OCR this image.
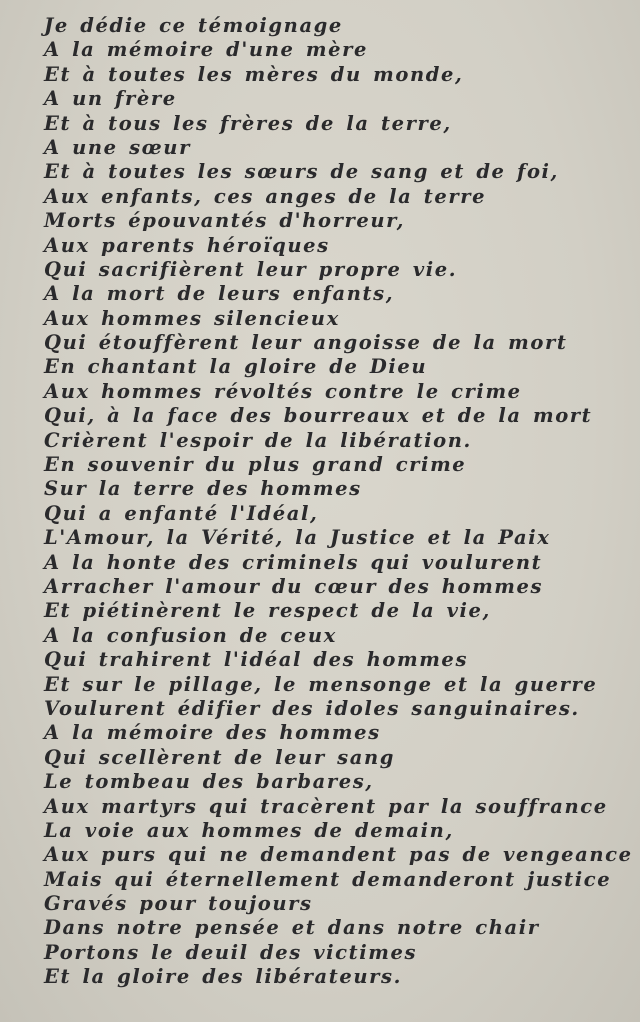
Je dédie ce témoignage
A la mémoire d'une mère
Et à toutes les mères du monde,
A un frère
Et à tous les frères de la terre,
A une sœur
Et à toutes les sœurs de sang et de foi,
Aux enfants, ces anges de la terre
Morts épouvantés d'horreur,
Aux parents héroïques
Qui sacrifièrent leur propre vie.
A la mort de leurs enfants,
Aux hommes silencieux
Qui étouffèrent leur angoisse de la mort
En chantant la gloire de Dieu
Aux hommes révoltés contre le crime
Qui, à la face des bourreaux et de la mort
Crièrent l'espoir de la libération.
En souvenir du plus grand crime
Sur la terre des hommes
Qui a enfanté l'Idéal,
L'Amour, la Vérité, la Justice et la Paix
A la honte des criminels qui voulurent
Arracher l'amour du cœur des hommes
Et piétinèrent le respect de la vie,
A la confusion de ceux
Qui trahirent l'idéal des hommes
Et sur le pillage, le mensonge et la guerre
Voulurent édifier des idoles sanguinaires.
A la mémoire des hommes
Qui scellèrent de leur sang
Le tombeau des barbares,
Aux martyrs qui tracèrent par la souffrance
La voie aux hommes de demain,
Aux purs qui ne demandent pas de vengeance
Mais qui éternellement demanderont justice
Gravés pour toujours
Dans notre pensée et dans notre chair
Portons le deuil des victimes
Et la gloire des libérateurs.
